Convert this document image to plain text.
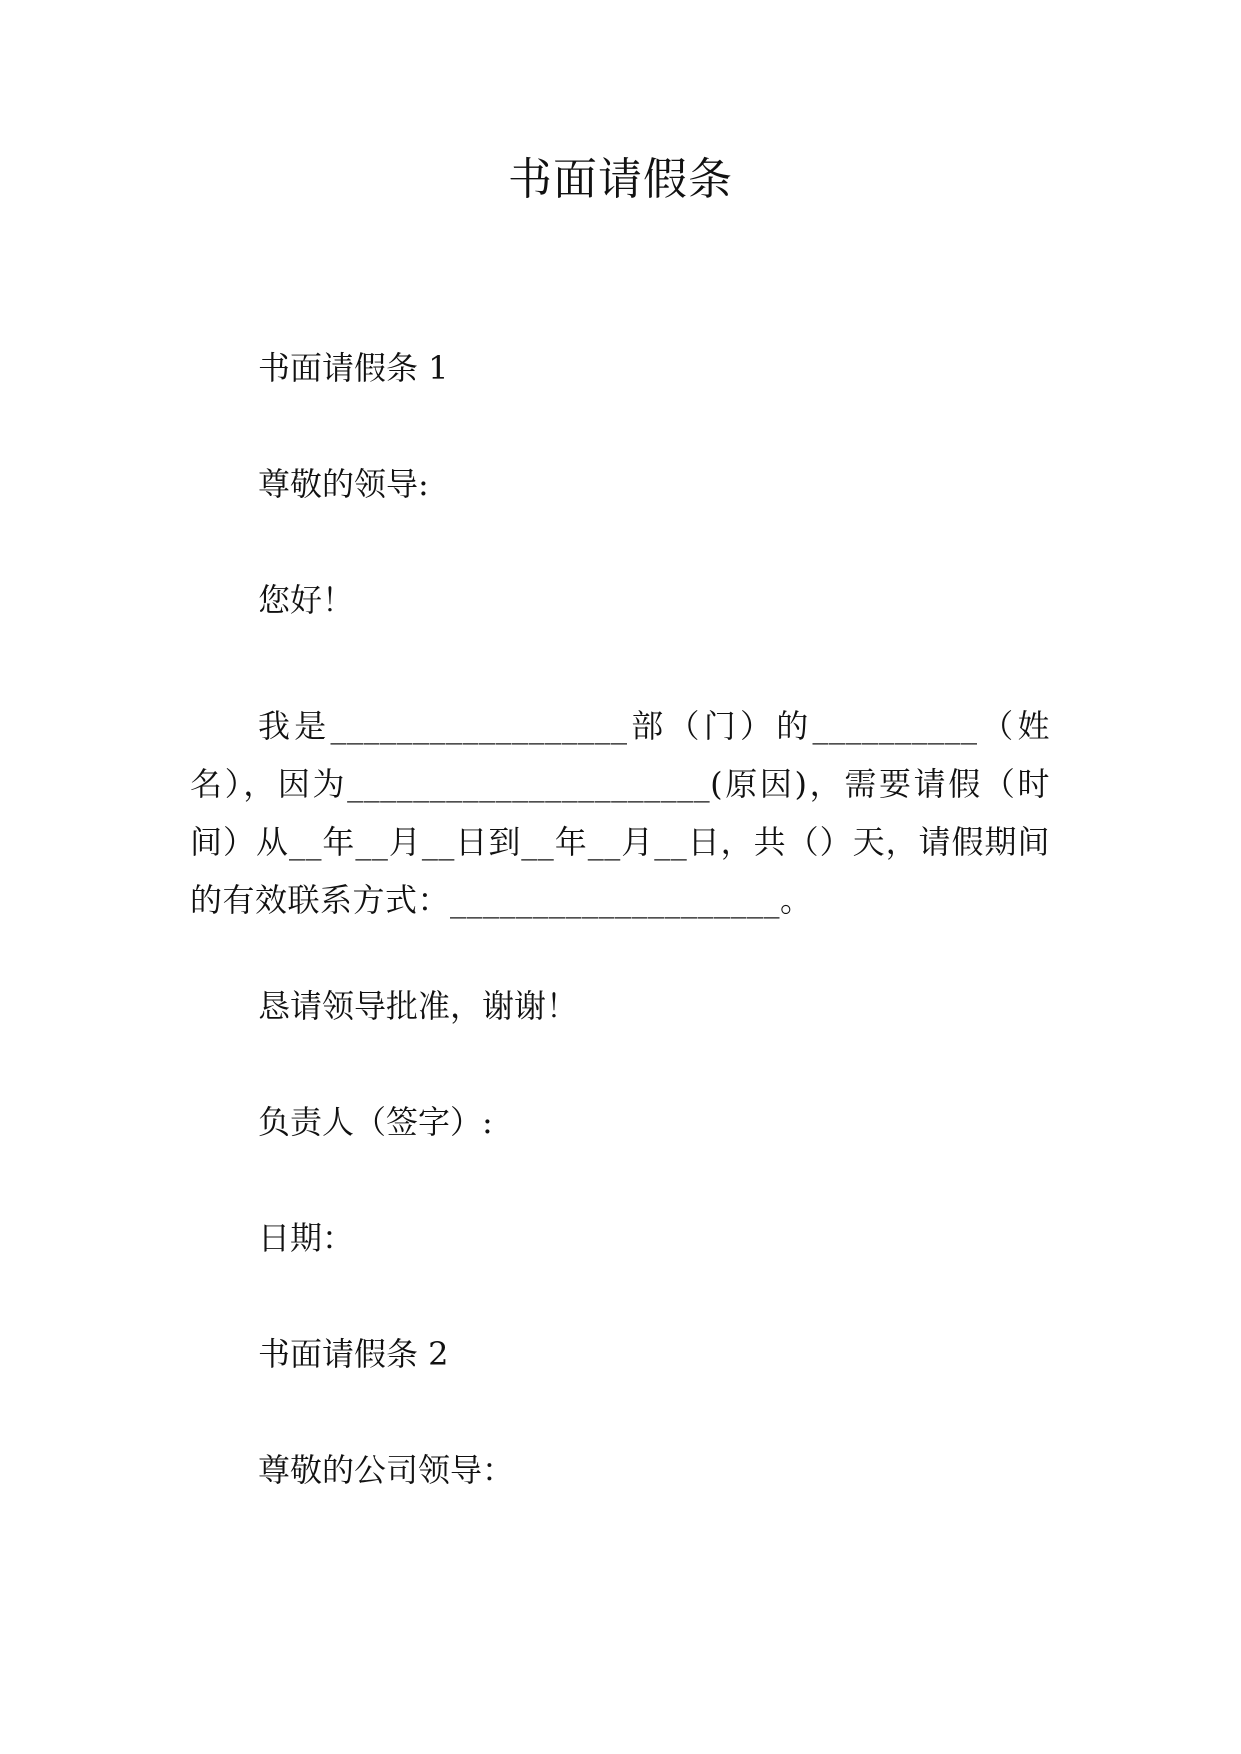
书面请假条
书面请假条 1
尊敬的领导:
您好！
我是__________________部（门）的__________（姓名），因为______________________(原因)，需要请假（时间）从__年__月__日到__年__月__日，共（）天，请假期间的有效联系方式：____________________。
恳请领导批准，谢谢！
负责人（签字）:
日期：
书面请假条 2
尊敬的公司领导：
